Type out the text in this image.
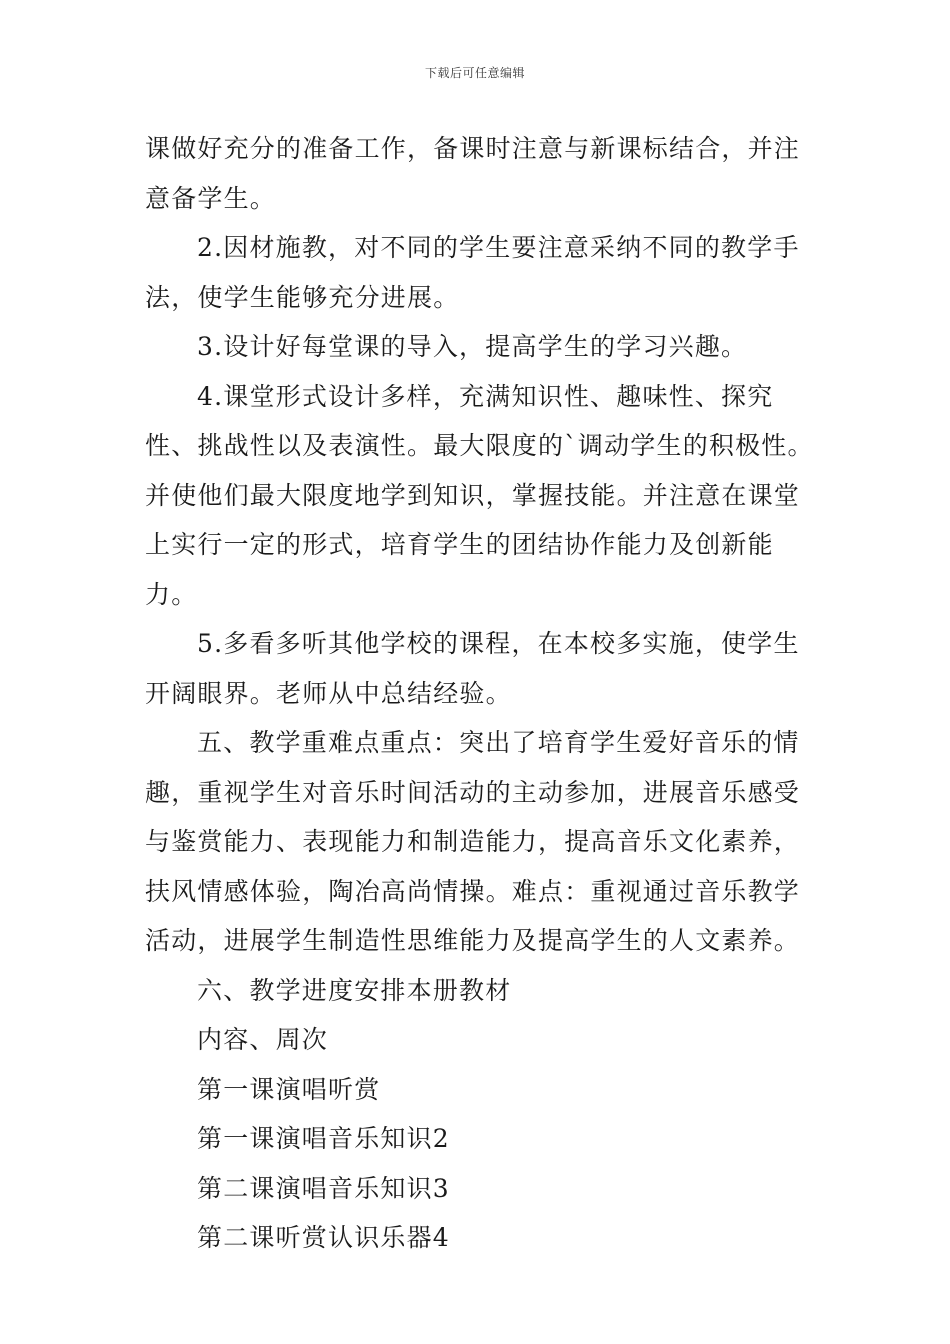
下载后可任意编辑

课做好充分的准备工作，备课时注意与新课标结合，并注意备学生。

2.因材施教，对不同的学生要注意采纳不同的教学手法，使学生能够充分进展。

3.设计好每堂课的导入，提高学生的学习兴趣。

4.课堂形式设计多样，充满知识性、趣味性、探究性、挑战性以及表演性。最大限度的`调动学生的积极性。并使他们最大限度地学到知识，掌握技能。并注意在课堂上实行一定的形式，培育学生的团结协作能力及创新能力。

5.多看多听其他学校的课程，在本校多实施，使学生开阔眼界。老师从中总结经验。

五、教学重难点重点：突出了培育学生爱好音乐的情趣，重视学生对音乐时间活动的主动参加，进展音乐感受与鉴赏能力、表现能力和制造能力，提高音乐文化素养，扶风情感体验，陶冶高尚情操。难点：重视通过音乐教学活动，进展学生制造性思维能力及提高学生的人文素养。

六、教学进度安排本册教材

内容、周次

第一课演唱听赏

第一课演唱音乐知识2

第二课演唱音乐知识3

第二课听赏认识乐器4
